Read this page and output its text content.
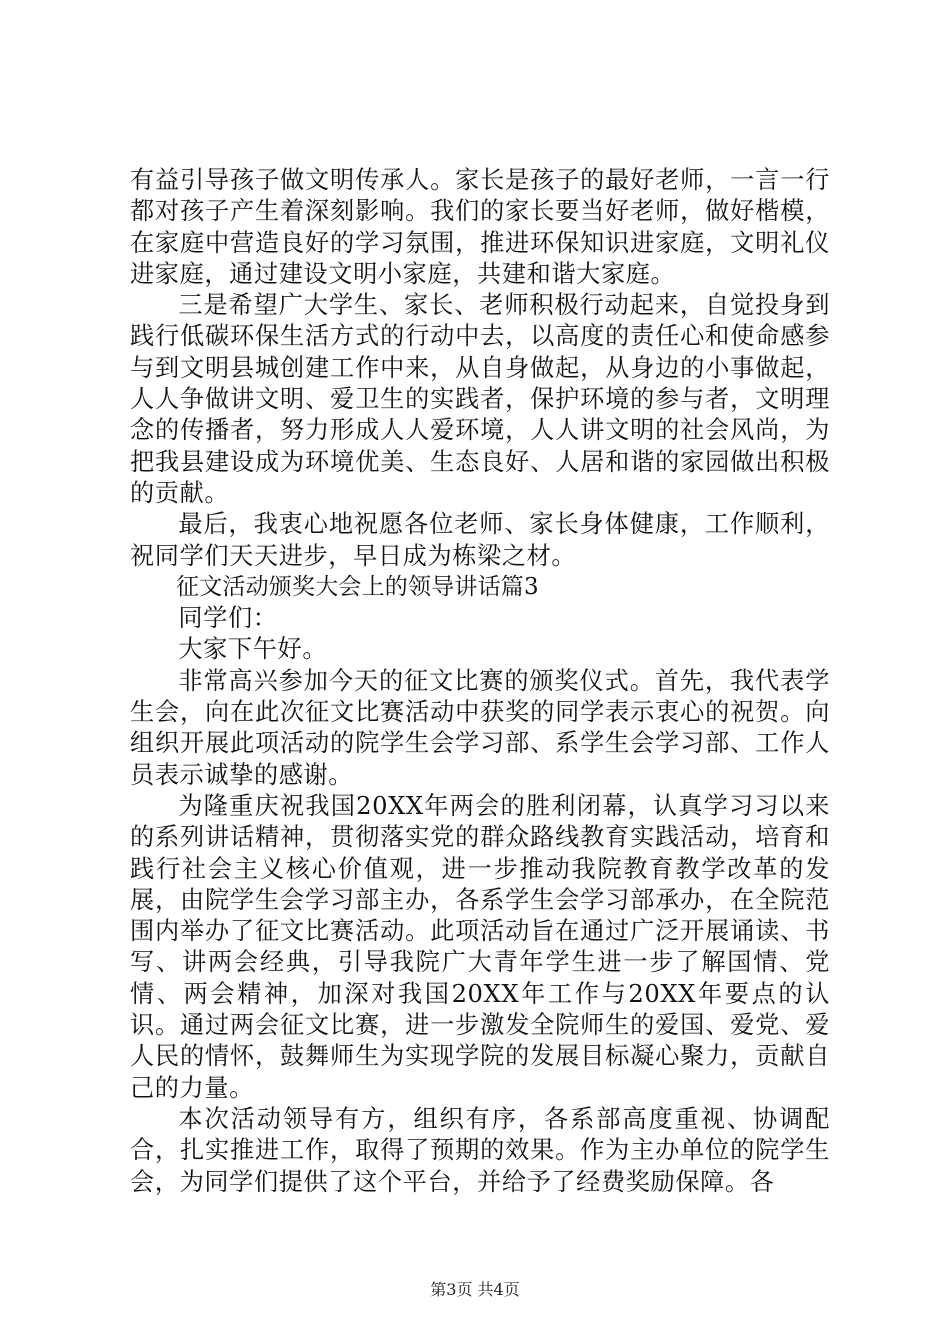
有益引导孩子做文明传承人。家长是孩子的最好老师，一言一行都对孩子产生着深刻影响。我们的家长要当好老师，做好楷模，在家庭中营造良好的学习氛围，推进环保知识进家庭，文明礼仪进家庭，通过建设文明小家庭，共建和谐大家庭。

三是希望广大学生、家长、老师积极行动起来，自觉投身到践行低碳环保生活方式的行动中去，以高度的责任心和使命感参与到文明县城创建工作中来，从自身做起，从身边的小事做起，人人争做讲文明、爱卫生的实践者，保护环境的参与者，文明理念的传播者，努力形成人人爱环境，人人讲文明的社会风尚，为把我县建设成为环境优美、生态良好、人居和谐的家园做出积极的贡献。

最后，我衷心地祝愿各位老师、家长身体健康，工作顺利，祝同学们天天进步，早日成为栋梁之材。

征文活动颁奖大会上的领导讲话篇3

同学们：

大家下午好。

非常高兴参加今天的征文比赛的颁奖仪式。首先，我代表学生会，向在此次征文比赛活动中获奖的同学表示衷心的祝贺。向组织开展此项活动的院学生会学习部、系学生会学习部、工作人员表示诚挚的感谢。

为隆重庆祝我国20XX年两会的胜利闭幕，认真学习习以来的系列讲话精神，贯彻落实党的群众路线教育实践活动，培育和践行社会主义核心价值观，进一步推动我院教育教学改革的发展，由院学生会学习部主办，各系学生会学习部承办，在全院范围内举办了征文比赛活动。此项活动旨在通过广泛开展诵读、书写、讲两会经典，引导我院广大青年学生进一步了解国情、党情、两会精神，加深对我国20XX年工作与20XX年要点的认识。通过两会征文比赛，进一步激发全院师生的爱国、爱党、爱人民的情怀，鼓舞师生为实现学院的发展目标凝心聚力，贡献自己的力量。

本次活动领导有方，组织有序，各系部高度重视、协调配合，扎实推进工作，取得了预期的效果。作为主办单位的院学生会，为同学们提供了这个平台，并给予了经费奖励保障。各

第3页 共4页
